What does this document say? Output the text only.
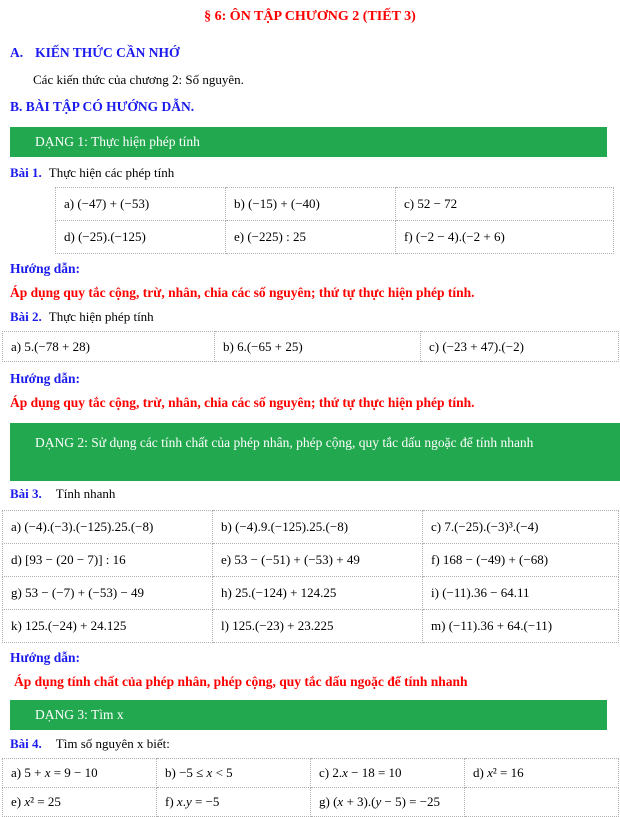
§ 6: ÔN TẬP CHƯƠNG 2 (TIẾT 3)
A. KIẾN THỨC CẦN NHỚ
Các kiến thức của chương 2: Số nguyên.
B. BÀI TẬP CÓ HƯỚNG DẪN.
DẠNG 1: Thực hiện phép tính
Bài 1. Thực hiện các phép tính
a) (−47) + (−53)	b) (−15) + (−40)	c) 52 − 72
d) (−25).(−125)	e) (−225) : 25	f) (−2 − 4).(−2 + 6)
Hướng dẫn:
Áp dụng quy tắc cộng, trừ, nhân, chia các số nguyên; thứ tự thực hiện phép tính.
Bài 2. Thực hiện phép tính
a) 5.(−78 + 28)	b) 6.(−65 + 25)	c) (−23 + 47).(−2)
Hướng dẫn:
Áp dụng quy tắc cộng, trừ, nhân, chia các số nguyên; thứ tự thực hiện phép tính.
DẠNG 2: Sử dụng các tính chất của phép nhân, phép cộng, quy tắc dấu ngoặc để tính nhanh
Bài 3. Tính nhanh
a) (−4).(−3).(−125).25.(−8)	b) (−4).9.(−125).25.(−8)	c) 7.(−25).(−3)³.(−4)
d) [93 − (20 − 7)] : 16	e) 53 − (−51) + (−53) + 49	f) 168 − (−49) + (−68)
g) 53 − (−7) + (−53) − 49	h) 25.(−124) + 124.25	i) (−11).36 − 64.11
k) 125.(−24) + 24.125	l) 125.(−23) + 23.225	m) (−11).36 + 64.(−11)
Hướng dẫn:
Áp dụng tính chất của phép nhân, phép cộng, quy tắc dấu ngoặc để tính nhanh
DẠNG 3: Tìm x
Bài 4. Tìm số nguyên x biết:
a) 5 + x = 9 − 10	b) −5 ≤ x < 5	c) 2.x − 18 = 10	d) x² = 16
e) x² = 25	f) x.y = −5	g) (x + 3).(y − 5) = −25	
